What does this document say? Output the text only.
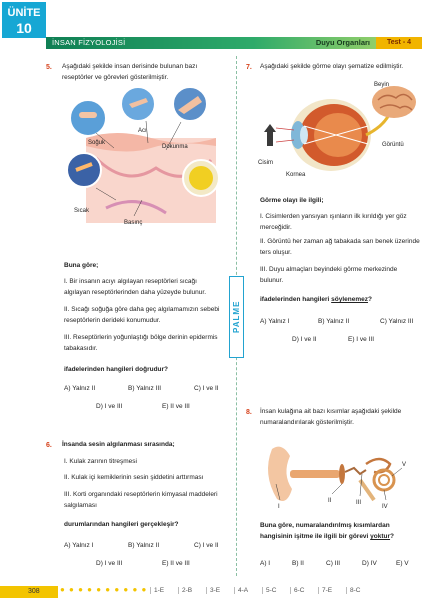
ÜNİTE
10
İNSAN FİZYOLOJİSİ	Duyu Organları	Test - 4
PALME
5. Aşağıdaki şekilde insan derisinde bulunan bazı reseptörler ve görevleri gösterilmiştir.
Acı
Soğuk
Dokunma
Sıcak
Basınç
Buna göre;
I. Bir insanın acıyı algılayan reseptörleri sıcağı algılayan reseptörlerinden daha yüzeyde bulunur.
II. Sıcağı soğuğa göre daha geç algılamamızın sebebi reseptörlerin derideki konumudur.
III. Reseptörlerin yoğunlaştığı bölge derinin epidermis tabakasıdır.
ifadelerinden hangileri doğrudur?
A) Yalnız II	B) Yalnız III	C) I ve II
D) I ve III	E) II ve III
6. İnsanda sesin algılanması sırasında;
I. Kulak zarının titreşmesi
II. Kulak içi kemiklerinin sesin şiddetini arttırması
III. Korti organındaki reseptörlerin kimyasal maddeleri salgılaması
durumlarından hangileri gerçekleşir?
A) Yalnız I	B) Yalnız II	C) I ve II
D) I ve III	E) II ve III
7. Aşağıdaki şekilde görme olayı şematize edilmiştir.
Beyin
Görüntü
Cisim
Kornea
Görme olayı ile ilgili;
I. Cisimlerden yansıyan ışınların ilk kırıldığı yer göz merceğidir.
II. Görüntü her zaman ağ tabakada sarı benek üzerinde ters oluşur.
III. Duyu almaçları beyindeki görme merkezinde bulunur.
ifadelerinden hangileri söylenemez?
A) Yalnız I	B) Yalnız II	C) Yalnız III
D) I ve II	E) I ve III
8. İnsan kulağına ait bazı kısımlar aşağıdaki şekilde numaralandırılarak gösterilmiştir.
I
II	III
IV
V
Buna göre, numaralandırılmış kısımlardan hangisinin işitme ile ilgili bir görevi yoktur?
A) I	B) II	C) III	D) IV	E) V
308	● ● ● ● ● ● ● ● ● ●	1-E	2-B	3-E	4-A	5-C	6-C	7-E	8-C
